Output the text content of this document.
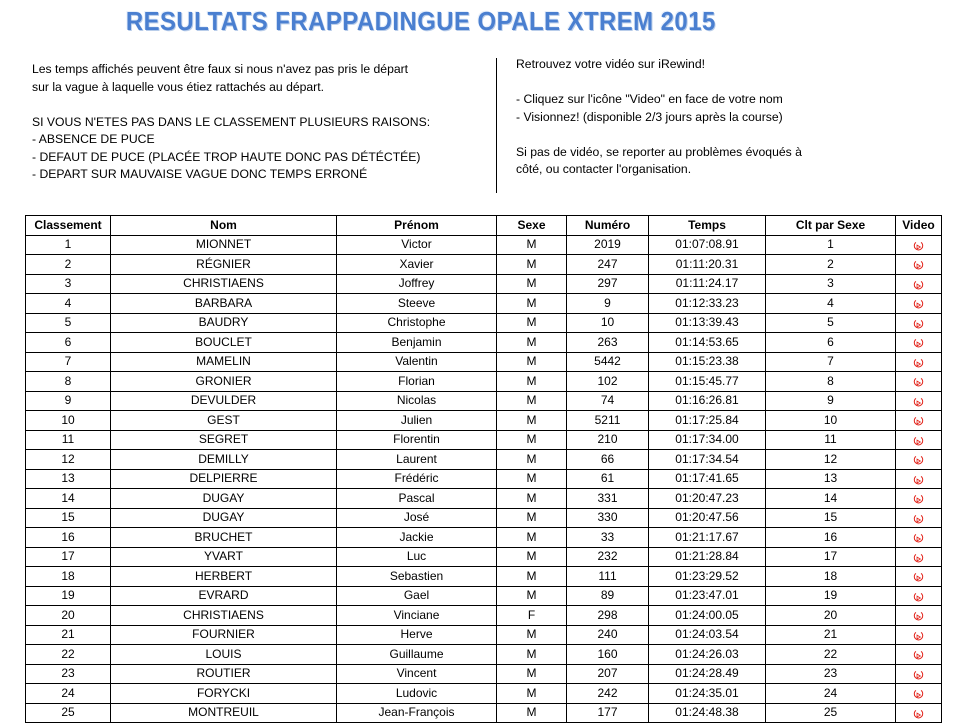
RESULTATS FRAPPADINGUE OPALE XTREM 2015

Les temps affichés peuvent être faux si nous n'avez pas pris le départ

sur la vague à laquelle vous étiez rattachés au départ.

SI VOUS N'ETES PAS DANS LE CLASSEMENT PLUSIEURS RAISONS:

- ABSENCE DE PUCE

- DEFAUT DE PUCE (PLACÉE TROP HAUTE DONC PAS DÉTÉCTÉE)

- DEPART SUR MAUVAISE VAGUE DONC TEMPS ERRONÉ

Retrouvez votre vidéo sur iRewind!

- Cliquez sur l'icône "Video" en face de votre nom

- Visionnez! (disponible 2/3 jours après la course)

Si pas de vidéo, se reporter au problèmes évoqués à

côté, ou contacter l'organisation.

Classement	Nom	Prénom	Sexe	Numéro	Temps	Clt par Sexe	Video
1	MIONNET	Victor	M	2019	01:07:08.91	1	
2	RÉGNIER	Xavier	M	247	01:11:20.31	2	
3	CHRISTIAENS	Joffrey	M	297	01:11:24.17	3	
4	BARBARA	Steeve	M	9	01:12:33.23	4	
5	BAUDRY	Christophe	M	10	01:13:39.43	5	
6	BOUCLET	Benjamin	M	263	01:14:53.65	6	
7	MAMELIN	Valentin	M	5442	01:15:23.38	7	
8	GRONIER	Florian	M	102	01:15:45.77	8	
9	DEVULDER	Nicolas	M	74	01:16:26.81	9	
10	GEST	Julien	M	5211	01:17:25.84	10	
11	SEGRET	Florentin	M	210	01:17:34.00	11	
12	DEMILLY	Laurent	M	66	01:17:34.54	12	
13	DELPIERRE	Frédéric	M	61	01:17:41.65	13	
14	DUGAY	Pascal	M	331	01:20:47.23	14	
15	DUGAY	José	M	330	01:20:47.56	15	
16	BRUCHET	Jackie	M	33	01:21:17.67	16	
17	YVART	Luc	M	232	01:21:28.84	17	
18	HERBERT	Sebastien	M	111	01:23:29.52	18	
19	EVRARD	Gael	M	89	01:23:47.01	19	
20	CHRISTIAENS	Vinciane	F	298	01:24:00.05	20	
21	FOURNIER	Herve	M	240	01:24:03.54	21	
22	LOUIS	Guillaume	M	160	01:24:26.03	22	
23	ROUTIER	Vincent	M	207	01:24:28.49	23	
24	FORYCKI	Ludovic	M	242	01:24:35.01	24	
25	MONTREUIL	Jean-François	M	177	01:24:48.38	25	
